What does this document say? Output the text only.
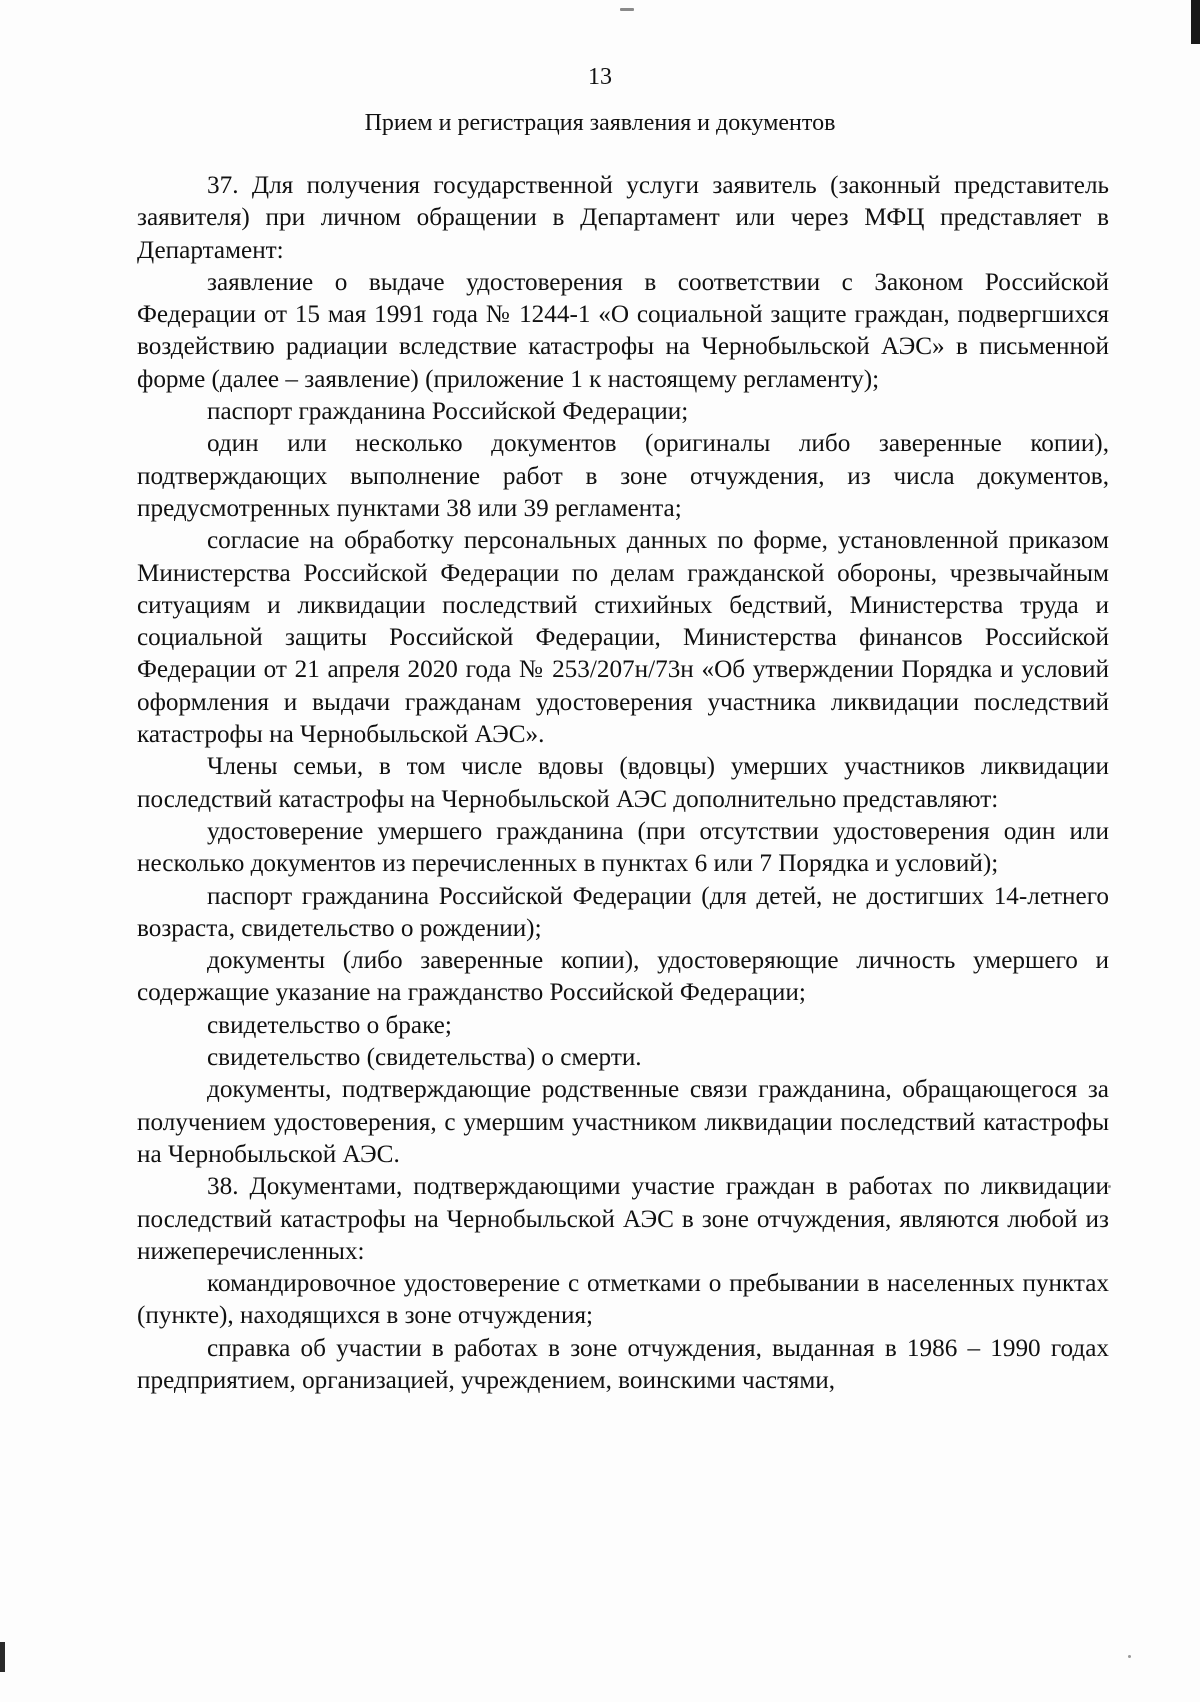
13
Прием и регистрация заявления и документов

37. Для получения государственной услуги заявитель (законный представитель заявителя) при личном обращении в Департамент или через МФЦ представляет в Департамент:

заявление о выдаче удостоверения в соответствии с Законом Российской Федерации от 15 мая 1991 года № 1244-1 «О социальной защите граждан, подвергшихся воздействию радиации вследствие катастрофы на Чернобыльской АЭС» в письменной форме (далее – заявление) (приложение 1 к настоящему регламенту);

паспорт гражданина Российской Федерации;

один или несколько документов (оригиналы либо заверенные копии), подтверждающих выполнение работ в зоне отчуждения, из числа документов, предусмотренных пунктами 38 или 39 регламента;

согласие на обработку персональных данных по форме, установленной приказом Министерства Российской Федерации по делам гражданской обороны, чрезвычайным ситуациям и ликвидации последствий стихийных бедствий, Министерства труда и социальной защиты Российской Федерации, Министерства финансов Российской Федерации от 21 апреля 2020 года № 253/207н/73н «Об утверждении Порядка и условий оформления и выдачи гражданам удостоверения участника ликвидации последствий катастрофы на Чернобыльской АЭС».

Члены семьи, в том числе вдовы (вдовцы) умерших участников ликвидации последствий катастрофы на Чернобыльской АЭС дополнительно представляют:

удостоверение умершего гражданина (при отсутствии удостоверения один или несколько документов из перечисленных в пунктах 6 или 7 Порядка и условий);

паспорт гражданина Российской Федерации (для детей, не достигших 14-летнего возраста, свидетельство о рождении);

документы (либо заверенные копии), удостоверяющие личность умершего и содержащие указание на гражданство Российской Федерации;

свидетельство о браке;

свидетельство (свидетельства) о смерти.

документы, подтверждающие родственные связи гражданина, обращающегося за получением удостоверения, с умершим участником ликвидации последствий катастрофы на Чернобыльской АЭС.

38. Документами, подтверждающими участие граждан в работах по ликвидации последствий катастрофы на Чернобыльской АЭС в зоне отчуждения, являются любой из нижеперечисленных:

командировочное удостоверение с отметками о пребывании в населенных пунктах (пункте), находящихся в зоне отчуждения;

справка об участии в работах в зоне отчуждения, выданная в 1986 – 1990 годах предприятием, организацией, учреждением, воинскими частями,
